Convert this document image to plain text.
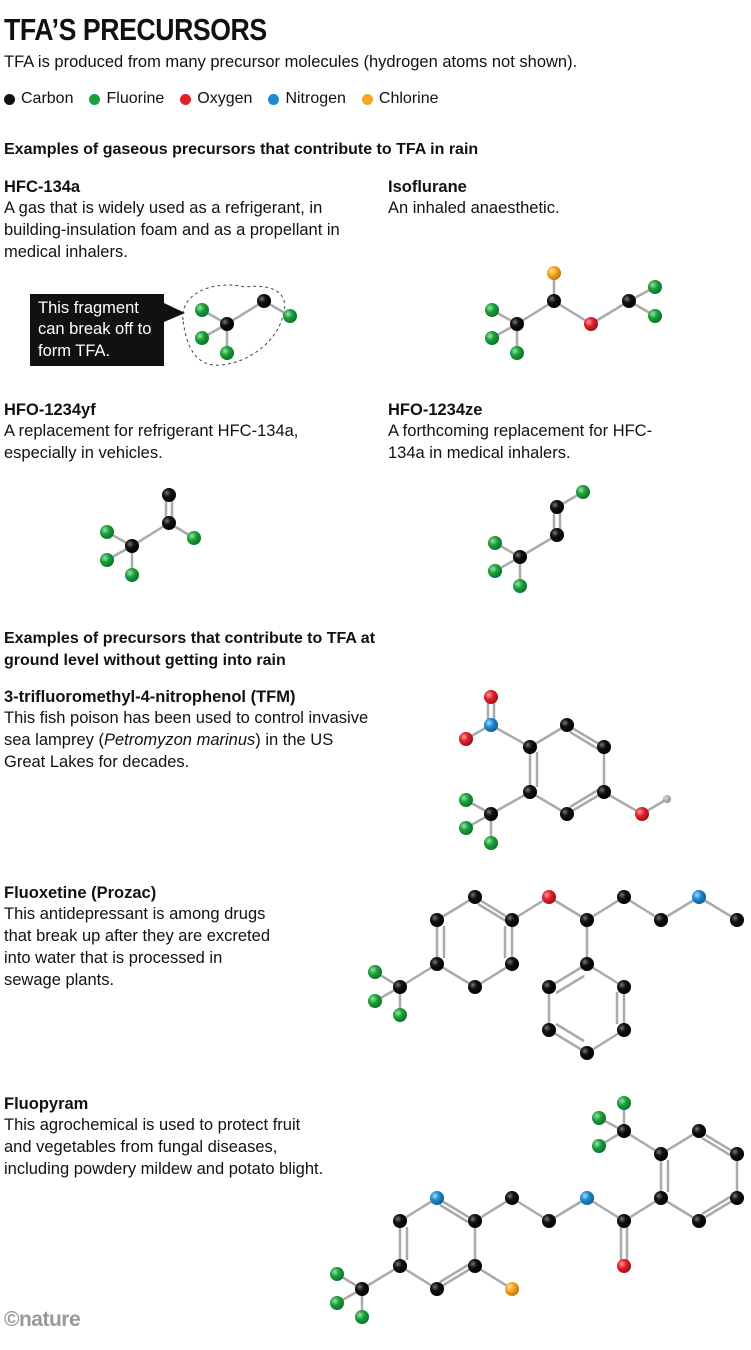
TFA’S PRECURSORS
TFA is produced from many precursor molecules (hydrogen atoms not shown).
Carbon Fluorine Oxygen Nitrogen Chlorine
Examples of gaseous precursors that contribute to TFA in rain
Examples of precursors that contribute to TFA at ground level without getting into rain
HFC-134a
A gas that is widely used as a refrigerant, in building-insulation foam and as a propellant in medical inhalers.
Isoflurane
An inhaled anaesthetic.
HFO-1234yf
A replacement for refrigerant HFC-134a, especially in vehicles.
HFO-1234ze
A forthcoming replacement for HFC-134a in medical inhalers.
3-trifluoromethyl-4-nitrophenol (TFM)
This fish poison has been used to control invasive sea lamprey (Petromyzon marinus) in the US Great Lakes for decades.
Fluoxetine (Prozac)
This antidepressant is among drugs that break up after they are excreted into water that is processed in sewage plants.
Fluopyram
This agrochemical is used to protect fruit and vegetables from fungal diseases, including powdery mildew and potato blight.
This fragment can break off to form TFA.
©nature
